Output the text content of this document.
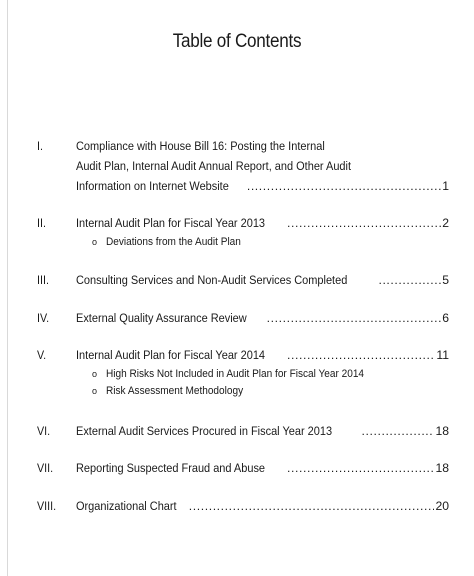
Table of Contents
I.	Compliance with House Bill 16: Posting the Internal
Audit Plan, Internal Audit Annual Report, and Other Audit
Information on Internet Website .....	1
II. Internal Audit Plan for Fiscal Year 2013 .....	2
o Deviations from the Audit Plan
III. Consulting Services and Non-Audit Services Completed .....	5
IV. External Quality Assurance Review .....	6
V. Internal Audit Plan for Fiscal Year 2014 .....	11
o High Risks Not Included in Audit Plan for Fiscal Year 2014
o Risk Assessment Methodology
VI. External Audit Services Procured in Fiscal Year 2013 .....	18
VII. Reporting Suspected Fraud and Abuse .....	18
VIII. Organizational Chart .....	20
